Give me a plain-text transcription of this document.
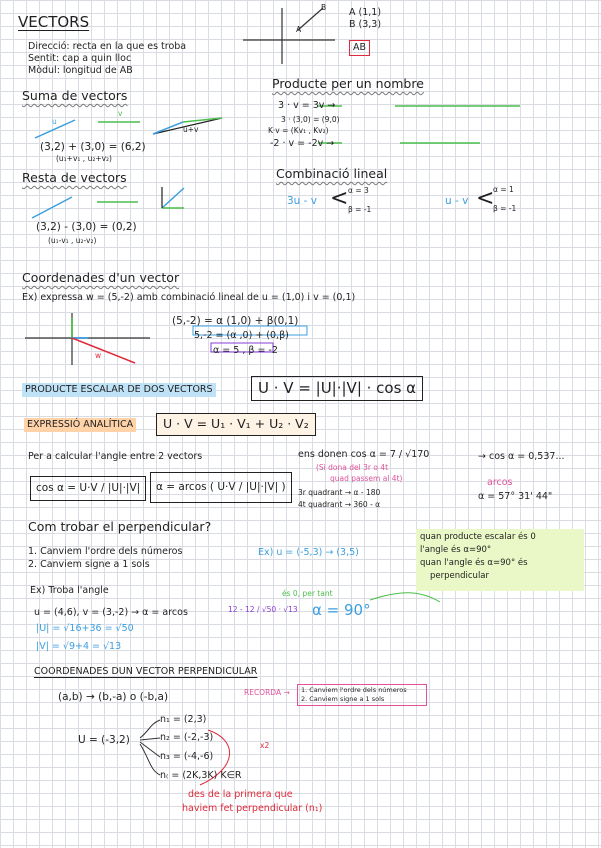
VECTORS
Direcció: recta en la que es troba
Sentit: cap a quin lloc
Mòdul: longitud de AB
A
B A (1,1)
B (3,3)
AB
Suma de vectors
u
v
u+v
(3,2) + (3,0) = (6,2)
(u₁+v₁ , u₂+v₂)
Resta de vectors
(3,2) - (3,0) = (0,2)
(u₁-v₁ , u₂-v₂)
Producte per un nombre
3 · v = 3v →
3 · (3,0) = (9,0)
K·v = (Kv₁ , Kv₂)
-2 · v = -2v →
Combinació lineal
3u - v < α = 3
β = -1
u - v <
α = 1
β = -1
Coordenades d'un vector
Ex) expressa w = (5,-2) amb combinació lineal de u = (1,0) i v = (0,1)
w
(5,-2) = α (1,0) + β(0,1)
5,-2 = (α ,0) + (0,β)
α = 5 , β = -2
PRODUCTE ESCALAR DE DOS VECTORS	U · V = |U|·|V| · cos α
EXPRESSIÓ ANALÍTICA	U · V = U₁ · V₁ + U₂ · V₂
Per a calcular l'angle entre 2 vectors
cos α = U·V / |U|·|V|	α = arcos ( U·V / |U|·|V| )
ens donen cos α = 7 / √170	→ cos α = 0,537...
(Si dona del 3r o 4t
quad passem al 4t)	arcos
α = 57° 31' 44"
3r quadrant → α - 180
4t quadrant → 360 - α
Com trobar el perpendicular?
1. Canviem l'ordre dels números
2. Canviem signe a 1 sols
Ex) u = (-5,3) → (3,5)
quan producte escalar és 0
l'angle és α=90°
quan l'angle és α=90° és
perpendicular
Ex) Troba l'angle
u = (4,6), v = (3,-2) → α = arcos	12 - 12 / √50 · √13 α = 90°
és 0, per tant
|U| = √16+36 = √50
|V| = √9+4 = √13
COORDENADES DUN VECTOR PERPENDICULAR
(a,b) → (b,-a) o (-b,a)	RECORDA → 1. Canviem l'ordre dels números
2. Canviem signe a 1 sols
U = (-3,2)
n₁ = (2,3)
n₂ = (-2,-3)
n₃ = (-4,-6)
n₍ = (2K,3K) K∈R
x2
des de la primera que
haviem fet perpendicular (n₁)
